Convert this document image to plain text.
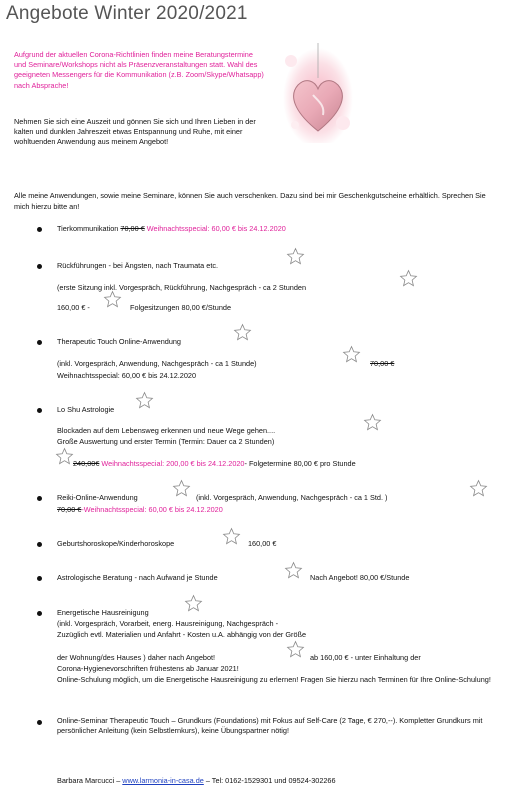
Angebote Winter 2020/2021
Aufgrund der aktuellen Corona-Richtlinien finden meine Beratungstermine und Seminare/Workshops nicht als Präsenzveranstaltungen statt. Wahl des geeigneten Messengers für die Kommunikation (z.B. Zoom/Skype/Whatsapp) nach Absprache!
Nehmen Sie sich eine Auszeit und gönnen Sie sich und Ihren Lieben in der kalten und dunklen Jahreszeit etwas Entspannung und Ruhe, mit einer wohltuenden Anwendung aus meinem Angebot!
Alle meine Anwendungen, sowie meine Seminare, können Sie auch verschenken. Dazu sind bei mir Geschenkgutscheine erhältlich. Sprechen Sie mich hierzu bitte an!
Tierkommunikation 70,00 € Weihnachtsspecial: 60,00 € bis 24.12.2020
Rückführungen - bei Ängsten, nach Traumata etc.
(erste Sitzung inkl. Vorgespräch, Rückführung, Nachgespräch - ca 2 Stunden
160,00 € -	Folgesitzungen 80,00 €/Stunde
Therapeutic Touch Online-Anwendung
(inkl. Vorgespräch, Anwendung, Nachgespräch - ca 1 Stunde)	70,00 €
Weihnachtsspecial: 60,00 € bis 24.12.2020
Lo Shu Astrologie
Blockaden auf dem Lebensweg erkennen und neue Wege gehen....
Große Auswertung und erster Termin (Termin: Dauer ca 2 Stunden)
240,00€ Weihnachtsspecial: 200,00 € bis 24.12.2020- Folgetermine 80,00 € pro Stunde
Reiki-Online-Anwendung	(inkl. Vorgespräch, Anwendung, Nachgespräch - ca 1 Std. )
70,00 €-Weihnachtsspecial: 60,00 € bis 24.12.2020
Geburtshoroskope/Kinderhoroskope	160,00 €
Astrologische Beratung - nach Aufwand je Stunde	Nach Angebot! 80,00 €/Stunde
Energetische Hausreinigung
(inkl. Vorgespräch, Vorarbeit, energ. Hausreinigung, Nachgespräch -
Zuzüglich evtl. Materialien und Anfahrt - Kosten u.A. abhängig von der Größe
der Wohnung/des Hauses ) daher nach Angebot!	ab 160,00 € - unter Einhaltung der
Corona-Hygienevorschriften frühestens ab Januar 2021!
Online-Schulung möglich, um die Energetische Hausreinigung zu erlernen! Fragen Sie hierzu nach Terminen für Ihre Online-Schulung!
Online-Seminar Therapeutic Touch – Grundkurs (Foundations) mit Fokus auf Self-Care (2 Tage, € 270,--). Kompletter Grundkurs mit persönlicher Anleitung (kein Selbstlernkurs), keine Übungspartner nötig!
Barbara Marcucci – www.larmonia-in-casa.de – Tel: 0162-1529301 und 09524-302266
